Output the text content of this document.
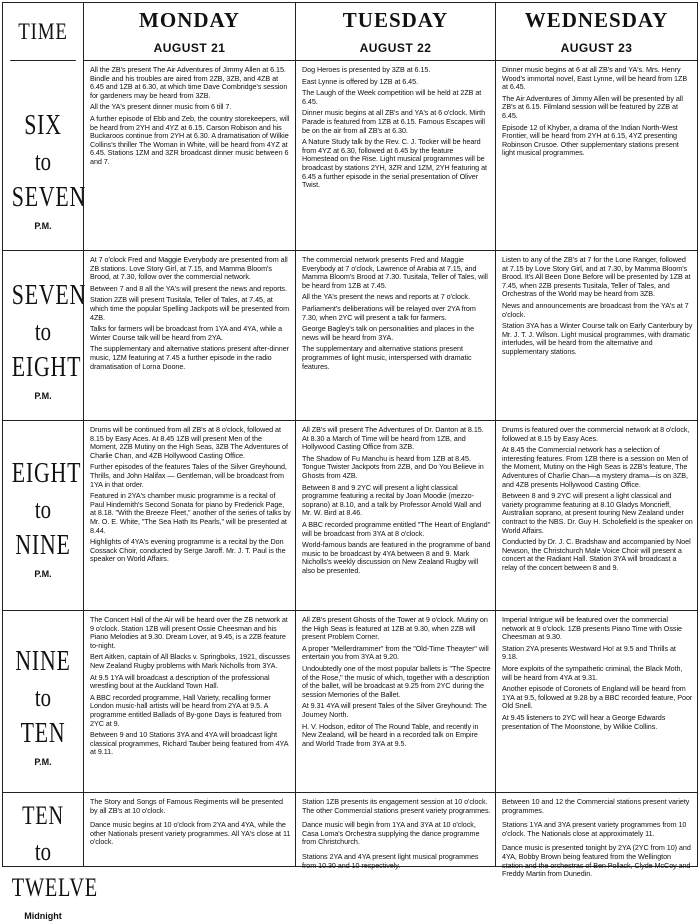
TIME	MONDAY
AUGUST 21
TUESDAY
AUGUST 22
WEDNESDAY
AUGUST 23
SIX
to
SEVEN
P.M.

All the ZB's present The Air Adventures of Jimmy Allen at 6.15. Bindle and his troubles are aired from 2ZB, 3ZB, and 4ZB at 6.45 and 1ZB at 6.30, at which time Dave Combridge's session for gardeners may be heard from 3ZB.

All the YA's present dinner music from 6 till 7.

A further episode of Ebb and Zeb, the country storekeepers, will be heard from 2YH and 4YZ at 6.15. Carson Robison and his Buckaroos continue from 2YH at 6.30. A dramatisation of Wilkie Collins's thriller The Woman in White, will be heard from 4YZ at 6.45. Stations 1ZM and 3ZR broadcast dinner music between 6 and 7.

Dog Heroes is presented by 3ZB at 6.15.

East Lynne is offered by 1ZB at 6.45.

The Laugh of the Week competition will be held at 2ZB at 6.45.

Dinner music begins at all ZB's and YA's at 6 o'clock. Mirth Parade is featured from 1ZB at 6.15. Famous Escapes will be on the air from all ZB's at 6.30.

A Nature Study talk by the Rev. C. J. Tocker will be heard from 4YZ at 6.30, followed at 6.45 by the feature Homestead on the Rise. Light musical programmes will be broadcast by stations 2YH, 3ZR and 1ZM, 2YH featuring at 6.45 a further episode in the serial presentation of Oliver Twist.

Dinner music begins at 6 at all ZB's and YA's. Mrs. Henry Wood's immortal novel, East Lynne, will be heard from 1ZB at 6.45.

The Air Adventures of Jimmy Allen will be presented by all ZB's at 6.15. Filmland session will be featured by 2ZB at 6.45.

Episode 12 of Khyber, a drama of the Indian North-West Frontier, will be heard from 2YH at 6.15, 4YZ presenting Robinson Crusoe. Other supplementary stations present light musical programmes.

SEVEN
to
EIGHT
P.M.

At 7 o'clock Fred and Maggie Everybody are presented from all ZB stations. Love Story Girl, at 7.15, and Mamma Bloom's Brood, at 7.30, follow over the commercial network.

Between 7 and 8 all the YA's will present the news and reports.

Station 2ZB will present Tusitala, Teller of Tales, at 7.45, at which time the popular Spelling Jackpots will be presented from 4ZB.

Talks for farmers will be broadcast from 1YA and 4YA, while a Winter Course talk will be heard from 2YA.

The supplementary and alternative stations present after-dinner music, 1ZM featuring at 7.45 a further episode in the radio dramatisation of Lorna Doone.

The commercial network presents Fred and Maggie Everybody at 7 o'clock, Lawrence of Arabia at 7.15, and Mamma Bloom's Brood at 7.30. Tusitala, Teller of Tales, will be heard from 1ZB at 7.45.

All the YA's present the news and reports at 7 o'clock.

Parliament's deliberations will be relayed over 2YA from 7.30, when 2YC will present a talk for farmers.

George Bagley's talk on personalities and places in the news will be heard from 3YA.

The supplementary and alternative stations present programmes of light music, interspersed with dramatic features.

Listen to any of the ZB's at 7 for the Lone Ranger, followed at 7.15 by Love Story Girl, and at 7.30, by Mamma Bloom's Brood. It's All Been Done Before will be presented by 1ZB at 7.45, when 2ZB presents Tusitala, Teller of Tales, and Orchestras of the World may be heard from 3ZB.

News and announcements are broadcast from the YA's at 7 o'clock.

Station 3YA has a Winter Course talk on Early Canterbury by Mr. J. T. J. Wilson. Light musical programmes, with dramatic interludes, will be heard from the alternative and supplementary stations.

EIGHT
to
NINE
P.M.

Drums will be continued from all ZB's at 8 o'clock, followed at 8.15 by Easy Aces. At 8.45 1ZB will present Men of the Moment, 2ZB Mutiny on the High Seas, 3ZB The Adventures of Charlie Chan, and 4ZB Hollywood Casting Office.

Further episodes of the features Tales of the Silver Greyhound, Thrills, and John Halifax — Gentleman, will be broadcast from 1YA in that order.

Featured in 2YA's chamber music programme is a recital of Paul Hindemith's Second Sonata for piano by Frederick Page, at 8.18. "With the Breeze Fleet," another of the series of talks by Mr. O. E. White, "The Sea Hath Its Pearls," will be presented at 8.44.

Highlights of 4YA's evening programme is a recital by the Don Cossack Choir, conducted by Serge Jaroff. Mr. J. T. Paul is the speaker on World Affairs.

All ZB's will present The Adventures of Dr. Danton at 8.15. At 8.30 a March of Time will be heard from 1ZB, and Hollywood Casting Office from 3ZB.

The Shadow of Fu Manchu is heard from 1ZB at 8.45. Tongue Twister Jackpots from 2ZB, and Do You Believe in Ghosts from 4ZB.

Between 8 and 9 2YC will present a light classical programme featuring a recital by Joan Moodie (mezzo-soprano) at 8.10, and a talk by Professor Arnold Wall and Mr. W. Bird at 8.46.

A BBC recorded programme entitled "The Heart of England" will be broadcast from 3YA at 8 o'clock.

World-famous bands are featured in the programme of band music to be broadcast by 4YA between 8 and 9. Mark Nicholls's weekly discussion on New Zealand Rugby will also be presented.

Drums is featured over the commercial network at 8 o'clock, followed at 8.15 by Easy Aces.

At 8.45 the Commercial network has a selection of interesting features. From 1ZB there is a session on Men of the Moment, Mutiny on the High Seas is 2ZB's feature, The Adventures of Charlie Chan—a mystery drama—is on 3ZB, and 4ZB presents Hollywood Casting Office.

Between 8 and 9 2YC will present a light classical and variety programme featuring at 8.10 Gladys Moncrieff, Australian soprano, at present touring New Zealand under contract to the NBS. Dr. Guy H. Scholefield is the speaker on World Affairs.

Conducted by Dr. J. C. Bradshaw and accompanied by Noel Newson, the Christchurch Male Voice Choir will present a concert at the Radiant Hall. Station 3YA will broadcast a relay of the concert between 8 and 9.

NINE
to
TEN
P.M.

The Concert Hall of the Air will be heard over the ZB network at 9 o'clock. Station 1ZB will present Ossie Cheesman and his Piano Melodies at 9.30. Dream Lover, at 9.45, is a 2ZB feature to-night.

Bert Aitken, captain of All Blacks v. Springboks, 1921, discusses New Zealand Rugby problems with Mark Nicholls from 3YA.

At 9.5 1YA will broadcast a description of the professional wrestling bout at the Auckland Town Hall.

A BBC recorded programme, Hall Variety, recalling former London music-hall artists will be heard from 2YA at 9.5. A programme entitled Ballads of By-gone Days is featured from 2YC at 9.

Between 9 and 10 Stations 3YA and 4YA will broadcast light classical programmes, Richard Tauber being featured from 4YA at 9.11.

All ZB's present Ghosts of the Tower at 9 o'clock. Mutiny on the High Seas is featured at 1ZB at 9.30, when 2ZB will present Problem Corner.

A proper "Mellerdrammer" from the "Old-Time Theayter" will entertain you from 3YA at 9.20.

Undoubtedly one of the most popular ballets is "The Spectre of the Rose," the music of which, together with a description of the ballet, will be broadcast at 9.25 from 2YC during the session Memories of the Ballet.

At 9.31 4YA will present Tales of the Silver Greyhound: The Journey North.

H. V. Hodson, editor of The Round Table, and recently in New Zealand, will be heard in a recorded talk on Empire and World Trade from 3YA at 9.5.

Imperial Intrigue will be featured over the commercial network at 9 o'clock. 1ZB presents Piano Time with Ossie Cheesman at 9.30.

Station 2YA presents Westward Ho! at 9.5 and Thrills at 9.18.

More exploits of the sympathetic criminal, the Black Moth, will be heard from 4YA at 9.31.

Another episode of Coronets of England will be heard from 1YA at 9.5, followed at 9.28 by a BBC recorded feature, Poor Old Snell.

At 9.45 listeners to 2YC will hear a George Edwards presentation of The Moonstone, by Wilkie Collins.

TEN
to
TWELVE
Midnight

The Story and Songs of Famous Regiments will be presented by all ZB's at 10 o'clock.

Dance music begins at 10 o'clock from 2YA and 4YA, while the other Nationals present variety programmes. All YA's close at 11 o'clock.

Station 1ZB presents its engagement session at 10 o'clock. The other Commercial stations present variety programmes.

Dance music will begin from 1YA and 3YA at 10 o'clock, Casa Loma's Orchestra supplying the dance programme from Christchurch.

Stations 2YA and 4YA present light musical programmes from 10.30 and 10 respectively.

Between 10 and 12 the Commercial stations present variety programmes.

Stations 1YA and 3YA present variety programmes from 10 o'clock. The Nationals close at approximately 11.

Dance music is presented tonight by 2YA (2YC from 10) and 4YA, Bobby Brown being featured from the Wellington station and the orchestras of Ben Pollack, Clyde McCoy and Freddy Martin from Dunedin.
